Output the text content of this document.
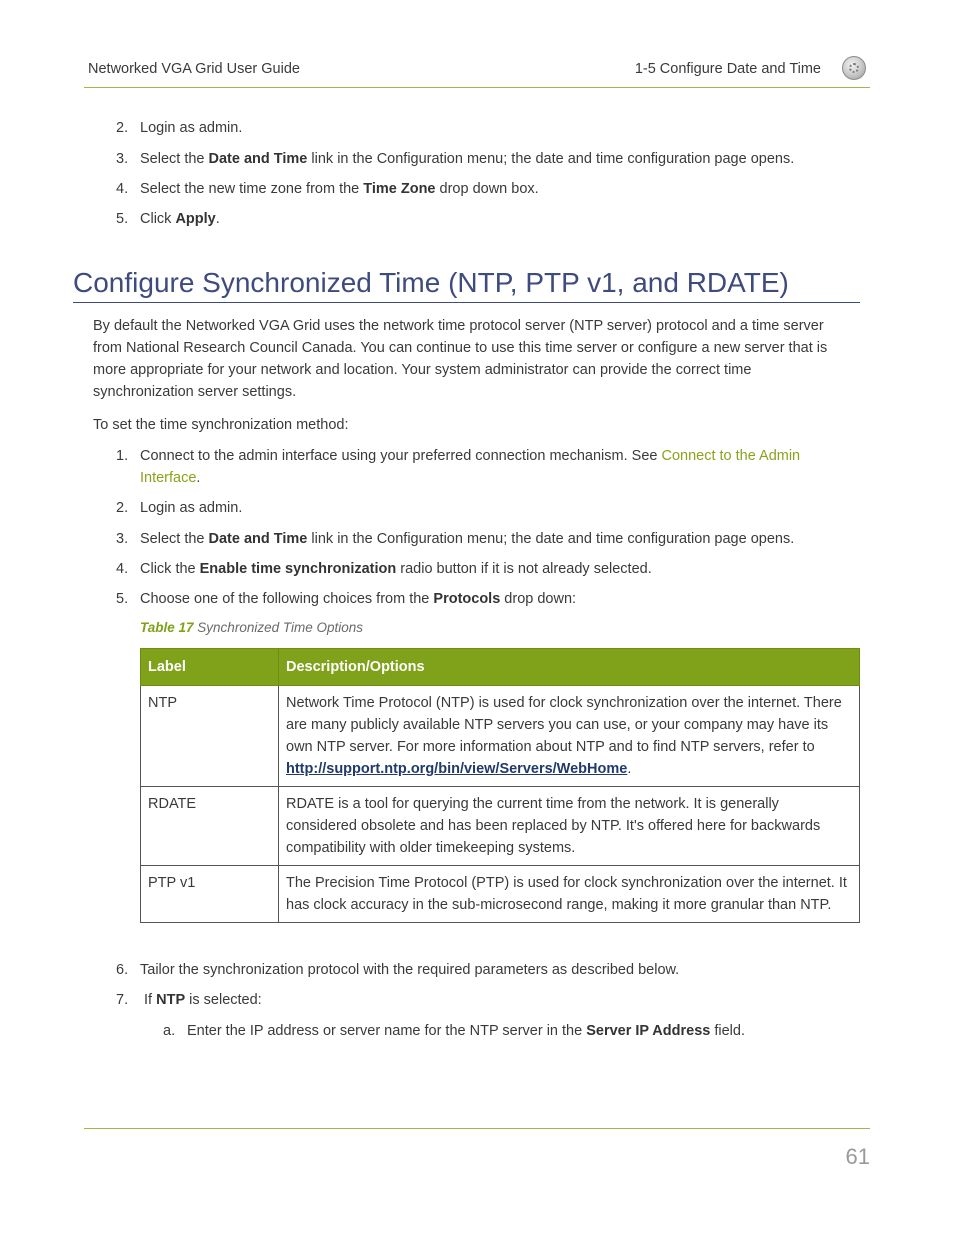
Networked VGA Grid User Guide	1-5 Configure Date and Time
2. Login as admin.
3. Select the Date and Time link in the Configuration menu; the date and time configuration page opens.
4. Select the new time zone from the Time Zone drop down box.
5. Click Apply.
Configure Synchronized Time (NTP, PTP v1, and RDATE)

By default the Networked VGA Grid uses the network time protocol server (NTP server) protocol and a time server from National Research Council Canada. You can continue to use this time server or configure a new server that is more appropriate for your network and location. Your system administrator can provide the correct time synchronization server settings.

To set the time synchronization method:

1. Connect to the admin interface using your preferred connection mechanism. See Connect to the Admin Interface.
2. Login as admin.
3. Select the Date and Time link in the Configuration menu; the date and time configuration page opens.
4. Click the Enable time synchronization radio button if it is not already selected.
5. Choose one of the following choices from the Protocols drop down:
Table 17 Synchronized Time Options
Label	Description/Options
NTP	Network Time Protocol (NTP) is used for clock synchronization over the internet. There are many publicly available NTP servers you can use, or your company may have its own NTP server. For more information about NTP and to find NTP servers, refer to http://support.ntp.org/bin/view/Servers/WebHome.
RDATE	RDATE is a tool for querying the current time from the network. It is generally considered obsolete and has been replaced by NTP. It's offered here for backwards compatibility with older timekeeping systems.
PTP v1	The Precision Time Protocol (PTP) is used for clock synchronization over the internet. It has clock accuracy in the sub-microsecond range, making it more granular than NTP.
6. Tailor the synchronization protocol with the required parameters as described below.
7. If NTP is selected:
a. Enter the IP address or server name for the NTP server in the Server IP Address field.
61
